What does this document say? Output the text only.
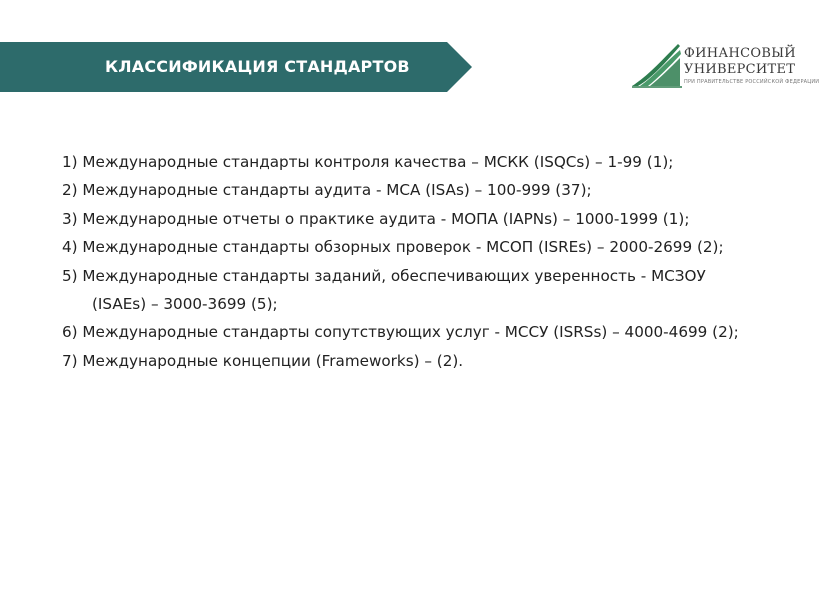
КЛАССИФИКАЦИЯ СТАНДАРТОВ
ФИНАНСОВЫЙ
УНИВЕРСИТЕТ
ПРИ ПРАВИТЕЛЬСТВЕ РОССИЙСКОЙ ФЕДЕРАЦИИ

1) Международные стандарты контроля качества – МСКК (ISQCs) – 1-99 (1);

2) Международные стандарты аудита - МСА (ISAs) – 100-999 (37);

3) Международные отчеты о практике аудита - МОПА (IAPNs) – 1000-1999 (1);

4) Международные стандарты обзорных проверок - МСОП (ISREs) – 2000-2699 (2);

5) Международные стандарты заданий, обеспечивающих уверенность - МСЗОУ (ISAEs) – 3000-3699 (5);

6) Международные стандарты сопутствующих услуг - МССУ (ISRSs) – 4000-4699 (2);

7) Международные концепции (Frameworks) – (2).
